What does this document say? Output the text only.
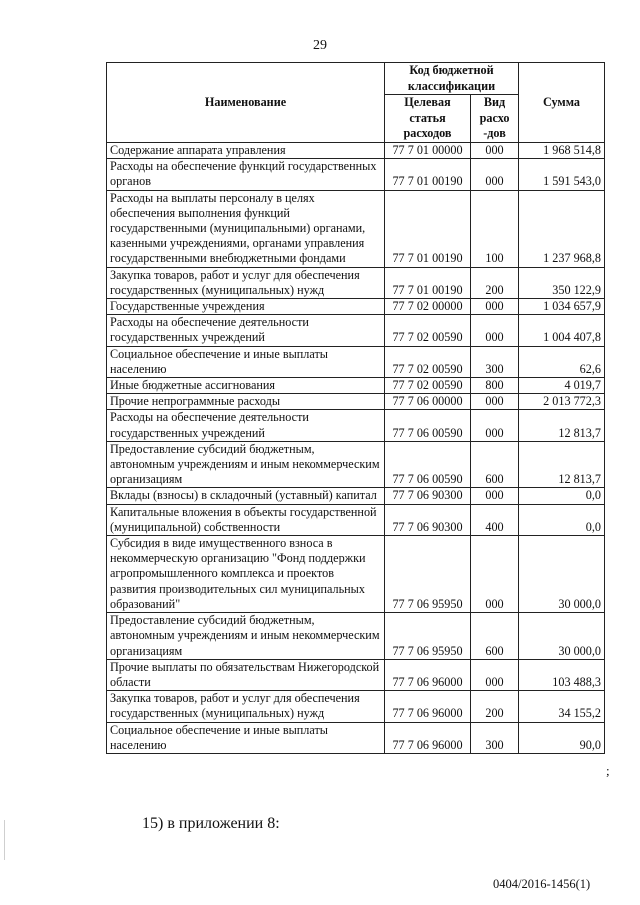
29
Наименование	Код бюджетной классификации		Сумма
	Целевая статья расходов	Вид расхо -дов	
Содержание аппарата управления	77 7 01 00000	000	1 968 514,8
Расходы на обеспечение функций государственных органов	77 7 01 00190	000	1 591 543,0
Расходы на выплаты персоналу в целях обеспечения выполнения функций государственными (муниципальными) органами, казенными учреждениями, органами управления государственными внебюджетными фондами	77 7 01 00190	100	1 237 968,8
Закупка товаров, работ и услуг для обеспечения государственных (муниципальных) нужд	77 7 01 00190	200	350 122,9
Государственные учреждения	77 7 02 00000	000	1 034 657,9
Расходы на обеспечение деятельности государственных учреждений	77 7 02 00590	000	1 004 407,8
Социальное обеспечение и иные выплаты населению	77 7 02 00590	300	62,6
Иные бюджетные ассигнования	77 7 02 00590	800	4 019,7
Прочие непрограммные расходы	77 7 06 00000	000	2 013 772,3
Расходы на обеспечение деятельности государственных учреждений	77 7 06 00590	000	12 813,7
Предоставление субсидий бюджетным, автономным учреждениям и иным некоммерческим организациям	77 7 06 00590	600	12 813,7
Вклады (взносы) в складочный (уставный) капитал	77 7 06 90300	000	0,0
Капитальные вложения в объекты государственной (муниципальной) собственности	77 7 06 90300	400	0,0
Субсидия в виде имущественного взноса в некоммерческую организацию "Фонд поддержки агропромышленного комплекса и проектов развития производительных сил муниципальных образований"	77 7 06 95950	000	30 000,0
Предоставление субсидий бюджетным, автономным учреждениям и иным некоммерческим организациям	77 7 06 95950	600	30 000,0
Прочие выплаты по обязательствам Нижегородской области	77 7 06 96000	000	103 488,3
Закупка товаров, работ и услуг для обеспечения государственных (муниципальных) нужд	77 7 06 96000	200	34 155,2
Социальное обеспечение и иные выплаты населению	77 7 06 96000	300	90,0
;
15) в приложении 8:
0404/2016-1456(1)
